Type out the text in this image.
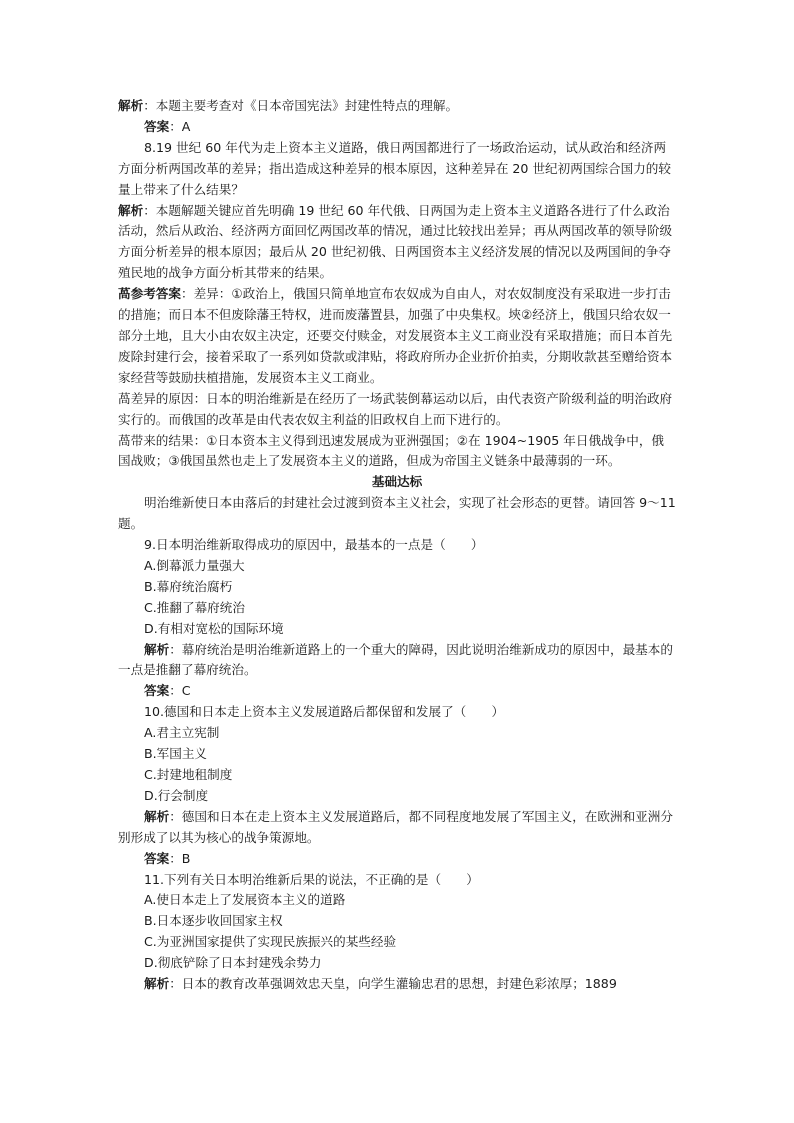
解析：本题主要考查对《日本帝国宪法》封建性特点的理解。

答案：A

8.19 世纪 60 年代为走上资本主义道路，俄日两国都进行了一场政治运动，试从政治和经济两方面分析两国改革的差异；指出造成这种差异的根本原因，这种差异在 20 世纪初两国综合国力的较量上带来了什么结果？

解析：本题解题关键应首先明确 19 世纪 60 年代俄、日两国为走上资本主义道路各进行了什么政治活动，然后从政治、经济两方面回忆两国改革的情况，通过比较找出差异；再从两国改革的领导阶级方面分析差异的根本原因；最后从 20 世纪初俄、日两国资本主义经济发展的情况以及两国间的争夺殖民地的战争方面分析其带来的结果。

萵参考答案：差异：①政治上，俄国只简单地宣布农奴成为自由人，对农奴制度没有采取进一步打击的措施；而日本不但废除藩王特权，进而废藩置县，加强了中央集权。埉②经济上，俄国只给农奴一部分土地，且大小由农奴主决定，还要交付赎金，对发展资本主义工商业没有采取措施；而日本首先废除封建行会，接着采取了一系列如贷款或津贴，将政府所办企业折价拍卖，分期收款甚至赠给资本家经营等鼓励扶植措施，发展资本主义工商业。

萵差异的原因：日本的明治维新是在经历了一场武装倒幕运动以后，由代表资产阶级利益的明治政府实行的。而俄国的改革是由代表农奴主利益的旧政权自上而下进行的。

萵带来的结果：①日本资本主义得到迅速发展成为亚洲强国；②在 1904~1905 年日俄战争中，俄国战败；③俄国虽然也走上了发展资本主义的道路，但成为帝国主义链条中最薄弱的一环。

基础达标

明治维新使日本由落后的封建社会过渡到资本主义社会，实现了社会形态的更替。请回答 9～11 题。

9.日本明治维新取得成功的原因中，最基本的一点是（　　）

A.倒幕派力量强大

B.幕府统治腐朽

C.推翻了幕府统治

D.有相对宽松的国际环境

解析：幕府统治是明治维新道路上的一个重大的障碍，因此说明治维新成功的原因中，最基本的一点是推翻了幕府统治。

答案：C

10.德国和日本走上资本主义发展道路后都保留和发展了（　　）

A.君主立宪制

B.军国主义

C.封建地租制度

D.行会制度

解析：德国和日本在走上资本主义发展道路后，都不同程度地发展了军国主义，在欧洲和亚洲分别形成了以其为核心的战争策源地。

答案：B

11.下列有关日本明治维新后果的说法，不正确的是（　　）

A.使日本走上了发展资本主义的道路

B.日本逐步收回国家主权

C.为亚洲国家提供了实现民族振兴的某些经验

D.彻底铲除了日本封建残余势力

解析：日本的教育改革强调效忠天皇，向学生灌输忠君的思想，封建色彩浓厚；1889
